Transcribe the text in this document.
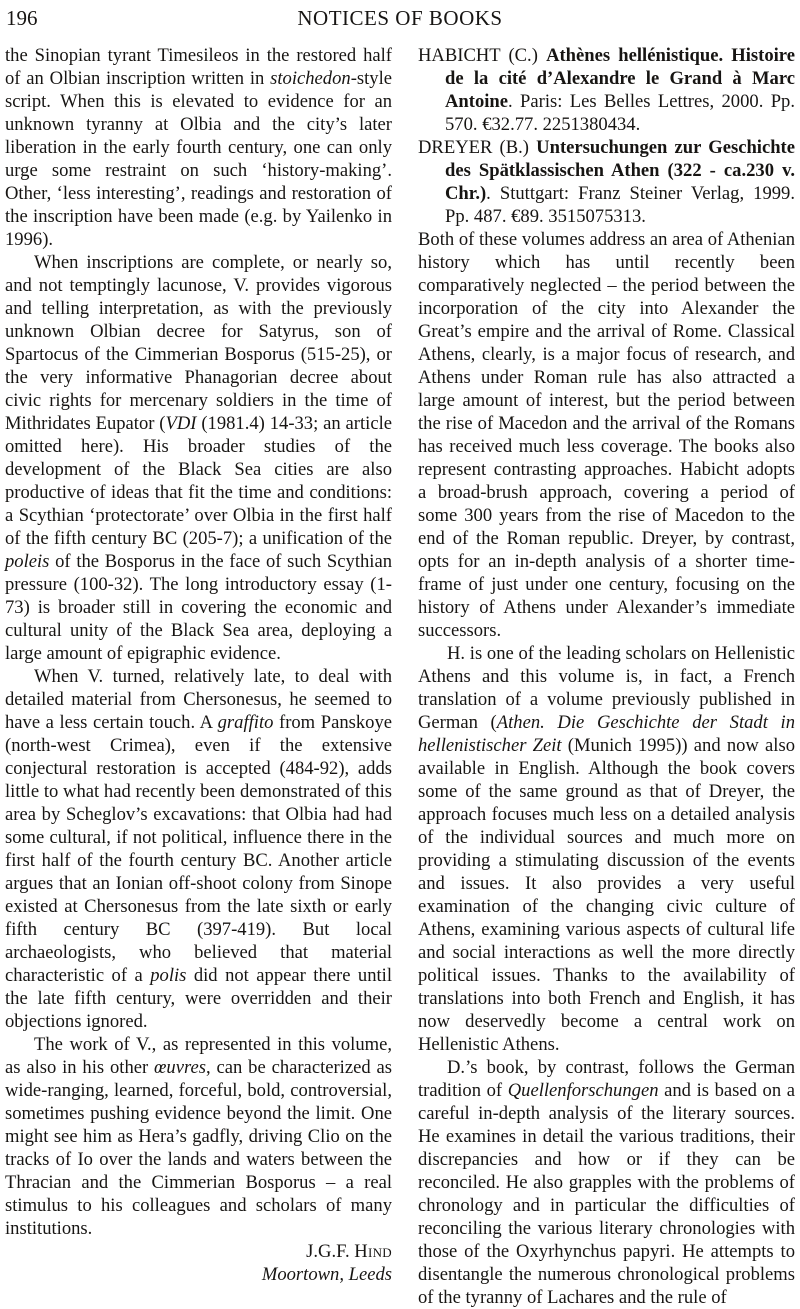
196	NOTICES OF BOOKS

the Sinopian tyrant Timesileos in the restored half of an Olbian inscription written in stoichedon-style script. When this is elevated to evidence for an unknown tyranny at Olbia and the city’s later liberation in the early fourth century, one can only urge some restraint on such ‘history-making’. Other, ‘less interesting’, readings and restoration of the inscription have been made (e.g. by Yailenko in 1996).

When inscriptions are complete, or nearly so, and not temptingly lacunose, V. provides vigorous and telling interpretation, as with the previously unknown Olbian decree for Satyrus, son of Spartocus of the Cimmerian Bosporus (515-25), or the very informative Phanagorian decree about civic rights for mercenary soldiers in the time of Mithridates Eupator (VDI (1981.4) 14-33; an article omitted here). His broader studies of the development of the Black Sea cities are also productive of ideas that fit the time and conditions: a Scythian ‘protectorate’ over Olbia in the first half of the fifth century BC (205-7); a unification of the poleis of the Bosporus in the face of such Scythian pressure (100-32). The long introductory essay (1-73) is broader still in covering the economic and cultural unity of the Black Sea area, deploying a large amount of epigraphic evidence.

When V. turned, relatively late, to deal with detailed material from Chersonesus, he seemed to have a less certain touch. A graffito from Panskoye (north-west Crimea), even if the extensive conjectural restoration is accepted (484-92), adds little to what had recently been demonstrated of this area by Scheglov’s excavations: that Olbia had had some cultural, if not political, influence there in the first half of the fourth century BC. Another article argues that an Ionian off-shoot colony from Sinope existed at Chersonesus from the late sixth or early fifth century BC (397-419). But local archaeologists, who believed that material characteristic of a polis did not appear there until the late fifth century, were overridden and their objections ignored.

The work of V., as represented in this volume, as also in his other œuvres, can be characterized as wide-ranging, learned, forceful, bold, controversial, sometimes pushing evidence beyond the limit. One might see him as Hera’s gadfly, driving Clio on the tracks of Io over the lands and waters between the Thracian and the Cimmerian Bosporus – a real stimulus to his colleagues and scholars of many institutions.

J.G.F. Hind

Moortown, Leeds

HABICHT (C.) Athènes hellénistique. Histoire de la cité d’Alexandre le Grand à Marc Antoine. Paris: Les Belles Lettres, 2000. Pp. 570. €32.77. 2251380434.

DREYER (B.) Untersuchungen zur Geschichte des Spätklassischen Athen (322 - ca.230 v. Chr.). Stuttgart: Franz Steiner Verlag, 1999. Pp. 487. €89. 3515075313.

Both of these volumes address an area of Athenian history which has until recently been comparatively neglected – the period between the incorporation of the city into Alexander the Great’s empire and the arrival of Rome. Classical Athens, clearly, is a major focus of research, and Athens under Roman rule has also attracted a large amount of interest, but the period between the rise of Macedon and the arrival of the Romans has received much less coverage. The books also represent contrasting approaches. Habicht adopts a broad-brush approach, covering a period of some 300 years from the rise of Macedon to the end of the Roman republic. Dreyer, by contrast, opts for an in-depth analysis of a shorter time-frame of just under one century, focusing on the history of Athens under Alexander’s immediate successors.

H. is one of the leading scholars on Hellenistic Athens and this volume is, in fact, a French translation of a volume previously published in German (Athen. Die Geschichte der Stadt in hellenistischer Zeit (Munich 1995)) and now also available in English. Although the book covers some of the same ground as that of Dreyer, the approach focuses much less on a detailed analysis of the individual sources and much more on providing a stimulating discussion of the events and issues. It also provides a very useful examination of the changing civic culture of Athens, examining various aspects of cultural life and social interactions as well the more directly political issues. Thanks to the availability of translations into both French and English, it has now deservedly become a central work on Hellenistic Athens.

D.’s book, by contrast, follows the German tradition of Quellenforschungen and is based on a careful in-depth analysis of the literary sources. He examines in detail the various traditions, their discrepancies and how or if they can be reconciled. He also grapples with the problems of chronology and in particular the difficulties of reconciling the various literary chronologies with those of the Oxyrhynchus papyri. He attempts to disentangle the numerous chronological problems of the tyranny of Lachares and the rule of
